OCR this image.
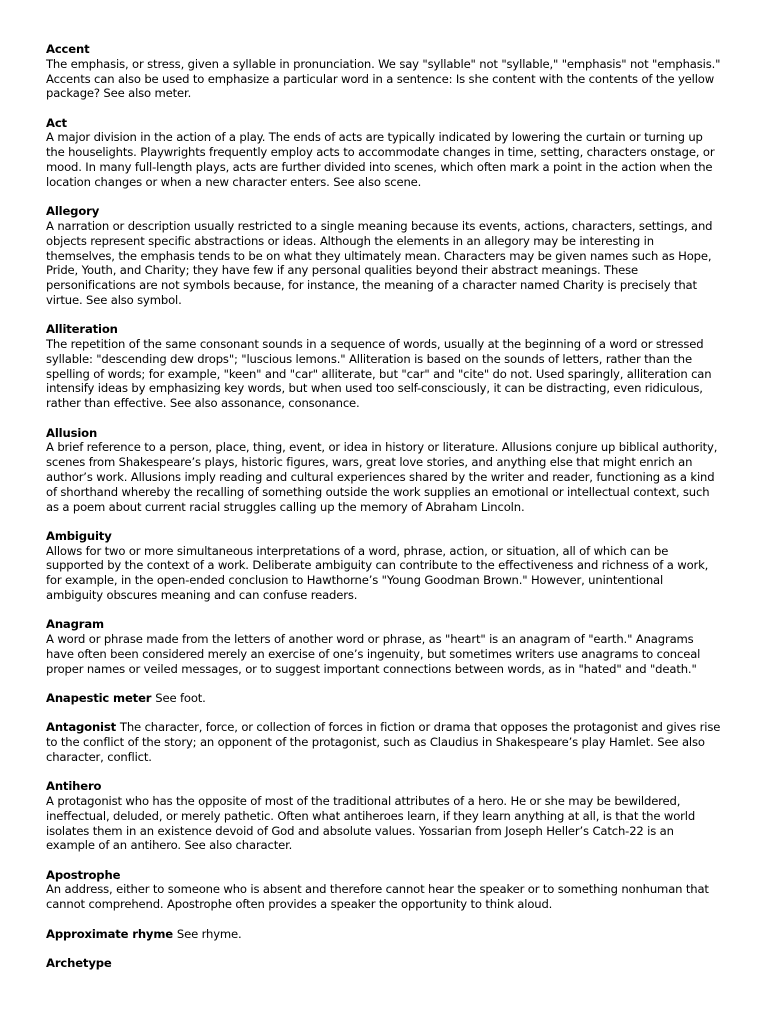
Accent
The emphasis, or stress, given a syllable in pronunciation. We say "syllable" not "syllable," "emphasis" not "emphasis." Accents can also be used to emphasize a particular word in a sentence: Is she content with the contents of the yellow package? See also meter.
Act
A major division in the action of a play. The ends of acts are typically indicated by lowering the curtain or turning up the houselights. Playwrights frequently employ acts to accommodate changes in time, setting, characters onstage, or mood. In many full-length plays, acts are further divided into scenes, which often mark a point in the action when the location changes or when a new character enters. See also scene.
Allegory
A narration or description usually restricted to a single meaning because its events, actions, characters, settings, and objects represent specific abstractions or ideas. Although the elements in an allegory may be interesting in themselves, the emphasis tends to be on what they ultimately mean. Characters may be given names such as Hope, Pride, Youth, and Charity; they have few if any personal qualities beyond their abstract meanings. These personifications are not symbols because, for instance, the meaning of a character named Charity is precisely that virtue. See also symbol.
Alliteration
The repetition of the same consonant sounds in a sequence of words, usually at the beginning of a word or stressed syllable: "descending dew drops"; "luscious lemons." Alliteration is based on the sounds of letters, rather than the spelling of words; for example, "keen" and "car" alliterate, but "car" and "cite" do not. Used sparingly, alliteration can intensify ideas by emphasizing key words, but when used too self-consciously, it can be distracting, even ridiculous, rather than effective. See also assonance, consonance.
Allusion
A brief reference to a person, place, thing, event, or idea in history or literature. Allusions conjure up biblical authority, scenes from Shakespeare’s plays, historic figures, wars, great love stories, and anything else that might enrich an author’s work. Allusions imply reading and cultural experiences shared by the writer and reader, functioning as a kind of shorthand whereby the recalling of something outside the work supplies an emotional or intellectual context, such as a poem about current racial struggles calling up the memory of Abraham Lincoln.
Ambiguity
Allows for two or more simultaneous interpretations of a word, phrase, action, or situation, all of which can be supported by the context of a work. Deliberate ambiguity can contribute to the effectiveness and richness of a work, for example, in the open-ended conclusion to Hawthorne’s "Young Goodman Brown." However, unintentional ambiguity obscures meaning and can confuse readers.
Anagram
A word or phrase made from the letters of another word or phrase, as "heart" is an anagram of "earth." Anagrams have often been considered merely an exercise of one’s ingenuity, but sometimes writers use anagrams to conceal proper names or veiled messages, or to suggest important connections between words, as in "hated" and "death."
Anapestic meter See foot.
Antagonist The character, force, or collection of forces in fiction or drama that opposes the protagonist and gives rise to the conflict of the story; an opponent of the protagonist, such as Claudius in Shakespeare’s play Hamlet. See also character, conflict.
Antihero
A protagonist who has the opposite of most of the traditional attributes of a hero. He or she may be bewildered, ineffectual, deluded, or merely pathetic. Often what antiheroes learn, if they learn anything at all, is that the world isolates them in an existence devoid of God and absolute values. Yossarian from Joseph Heller’s Catch-22 is an example of an antihero. See also character.
Apostrophe
An address, either to someone who is absent and therefore cannot hear the speaker or to something nonhuman that cannot comprehend. Apostrophe often provides a speaker the opportunity to think aloud.
Approximate rhyme See rhyme.
Archetype
